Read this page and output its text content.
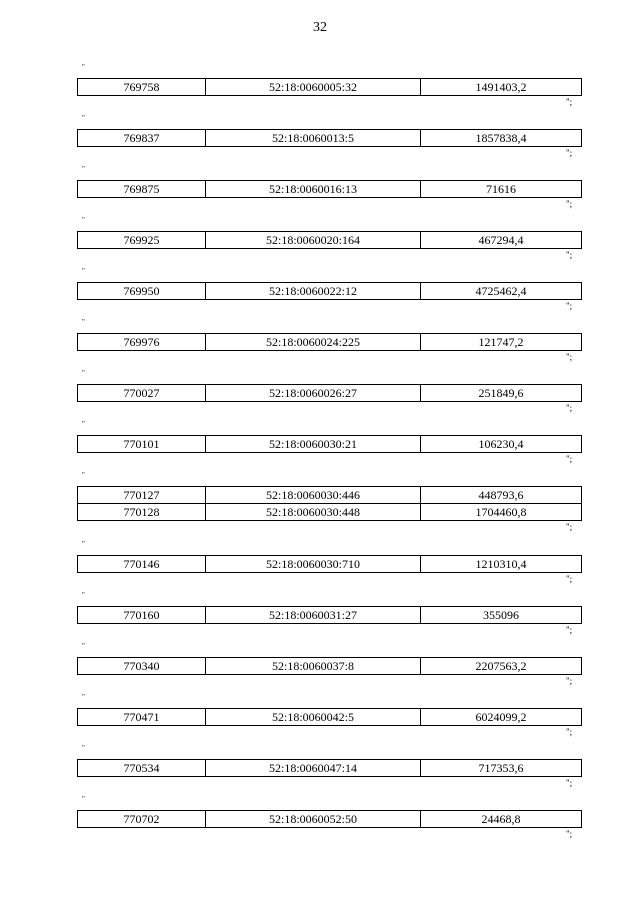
32
"
769758	52:18:0060005:32	1491403,2
";
"
769837	52:18:0060013:5	1857838,4
";
"
769875	52:18:0060016:13	71616
";
"
769925	52:18:0060020:164	467294,4
";
"
769950	52:18:0060022:12	4725462,4
";
"
769976	52:18:0060024:225	121747,2
";
"
770027	52:18:0060026:27	251849,6
";
"
770101	52:18:0060030:21	106230,4
";
"
770127	52:18:0060030:446	448793,6
770128	52:18:0060030:448	1704460,8
";
"
770146	52:18:0060030:710	1210310,4
";
"
770160	52:18:0060031:27	355096
";
"
770340	52:18:0060037:8	2207563,2
";
"
770471	52:18:0060042:5	6024099,2
";
"
770534	52:18:0060047:14	717353,6
";
"
770702	52:18:0060052:50	24468,8
";
